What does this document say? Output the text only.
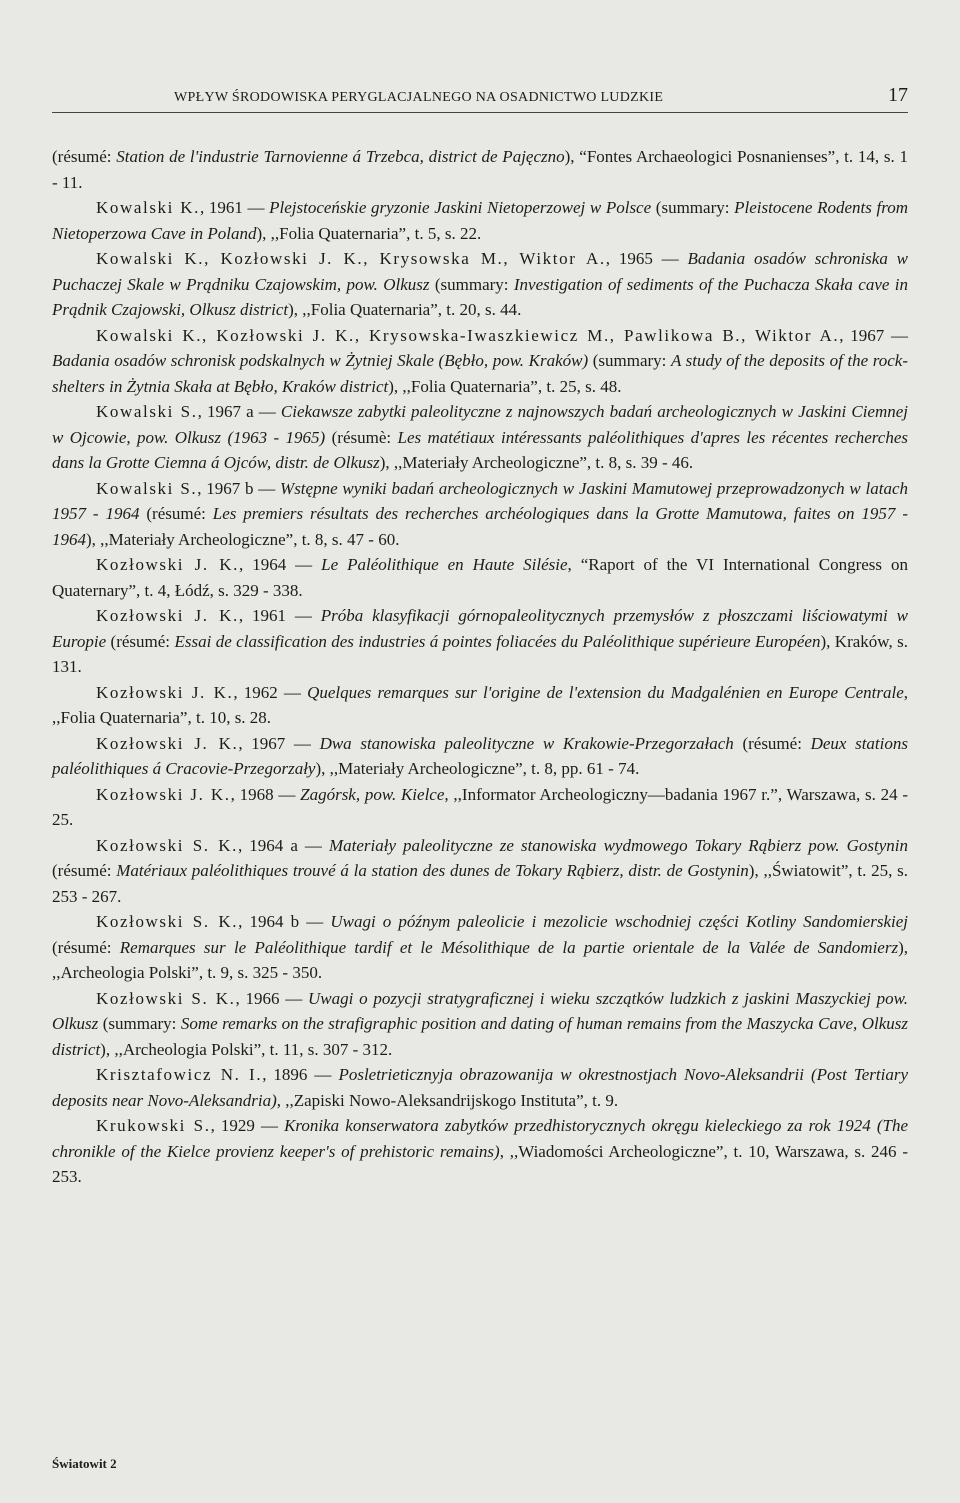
WPŁYW ŚRODOWISKA PERYGLACJALNEGO NA OSADNICTWO LUDZKIE	17

(résumé: Station de l'industrie Tarnovienne á Trzebca, district de Pajęczno), “Fontes Archaeologici Posnanienses”, t. 14, s. 1 - 11.

Kowalski K., 1961 — Plejstoceńskie gryzonie Jaskini Nietoperzowej w Polsce (summary: Pleistocene Rodents from Nietoperzowa Cave in Poland), ,,Folia Quaternaria”, t. 5, s. 22.

Kowalski K., Kozłowski J. K., Krysowska M., Wiktor A., 1965 — Badania osadów schroniska w Puchaczej Skale w Prądniku Czajowskim, pow. Olkusz (summary: Investigation of sediments of the Puchacza Skała cave in Prądnik Czajowski, Olkusz district), ,,Folia Quaternaria”, t. 20, s. 44.

Kowalski K., Kozłowski J. K., Krysowska-Iwaszkiewicz M., Pawlikowa B., Wiktor A., 1967 — Badania osadów schronisk podskalnych w Żytniej Skale (Bębło, pow. Kraków) (summary: A study of the deposits of the rock-shelters in Żytnia Skała at Bębło, Kraków district), ,,Folia Quaternaria”, t. 25, s. 48.

Kowalski S., 1967 a — Ciekawsze zabytki paleolityczne z najnowszych badań archeologicznych w Jaskini Ciemnej w Ojcowie, pow. Olkusz (1963 - 1965) (résumè: Les matétiaux intéressants paléolithiques d'apres les récentes recherches dans la Grotte Ciemna á Ojców, distr. de Olkusz), ,,Materiały Archeologiczne”, t. 8, s. 39 - 46.

Kowalski S., 1967 b — Wstępne wyniki badań archeologicznych w Jaskini Mamutowej przeprowadzonych w latach 1957 - 1964 (résumé: Les premiers résultats des recherches archéologiques dans la Grotte Mamutowa, faites on 1957 - 1964), ,,Materiały Archeologiczne”, t. 8, s. 47 - 60.

Kozłowski J. K., 1964 — Le Paléolithique en Haute Silésie, “Raport of the VI International Congress on Quaternary”, t. 4, Łódź, s. 329 - 338.

Kozłowski J. K., 1961 — Próba klasyfikacji górnopaleolitycznych przemysłów z płoszczami liściowatymi w Europie (résumé: Essai de classification des industries á pointes foliacées du Paléolithique supérieure Européen), Kraków, s. 131.

Kozłowski J. K., 1962 — Quelques remarques sur l'origine de l'extension du Madgalénien en Europe Centrale, ,,Folia Quaternaria”, t. 10, s. 28.

Kozłowski J. K., 1967 — Dwa stanowiska paleolityczne w Krakowie-Przegorzałach (résumé: Deux stations paléolithiques á Cracovie-Przegorzały), ,,Materiały Archeologiczne”, t. 8, pp. 61 - 74.

Kozłowski J. K., 1968 — Zagórsk, pow. Kielce, ,,Informator Archeologiczny—badania 1967 r.”, Warszawa, s. 24 - 25.

Kozłowski S. K., 1964 a — Materiały paleolityczne ze stanowiska wydmowego Tokary Rąbierz pow. Gostynin (résumé: Matériaux paléolithiques trouvé á la station des dunes de Tokary Rąbierz, distr. de Gostynin), ,,Światowit”, t. 25, s. 253 - 267.

Kozłowski S. K., 1964 b — Uwagi o późnym paleolicie i mezolicie wschodniej części Kotliny Sandomierskiej (résumé: Remarques sur le Paléolithique tardif et le Mésolithique de la partie orientale de la Valée de Sandomierz), ,,Archeologia Polski”, t. 9, s. 325 - 350.

Kozłowski S. K., 1966 — Uwagi o pozycji stratygraficznej i wieku szczątków ludzkich z jaskini Maszyckiej pow. Olkusz (summary: Some remarks on the strafigraphic position and dating of human remains from the Maszycka Cave, Olkusz district), ,,Archeologia Polski”, t. 11, s. 307 - 312.

Krisztafowicz N. I., 1896 — Posletrieticznyja obrazowanija w okrestnostjach Novo-Aleksandrii (Post Tertiary deposits near Novo-Aleksandria), ,,Zapiski Nowo-Aleksandrijskogo Instituta”, t. 9.

Krukowski S., 1929 — Kronika konserwatora zabytków przedhistorycznych okręgu kieleckiego za rok 1924 (The chronikle of the Kielce provienz keeper's of prehistoric remains), ,,Wiadomości Archeologiczne”, t. 10, Warszawa, s. 246 - 253.

Światowit 2
